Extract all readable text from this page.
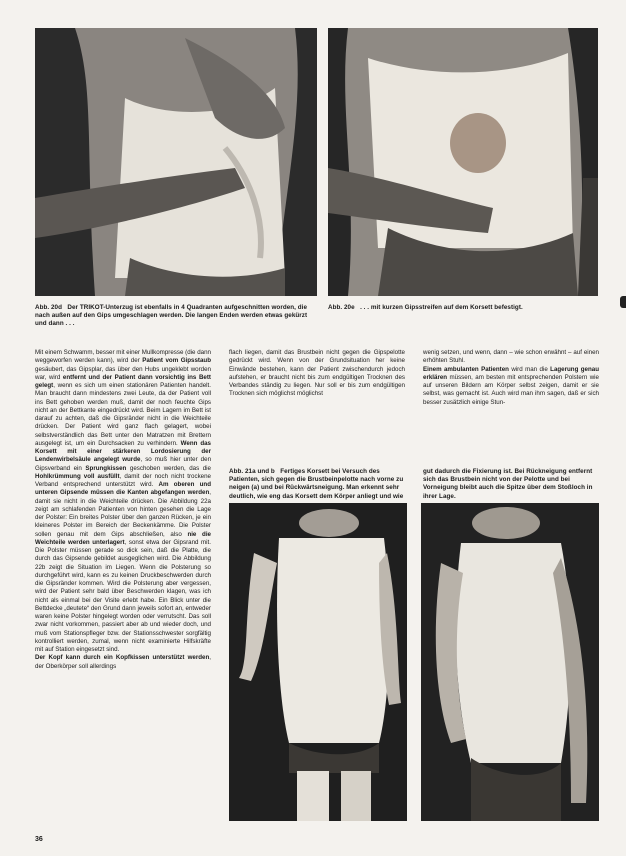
Abb. 20d Der TRIKOT-Unterzug ist ebenfalls in 4 Quadranten aufgeschnitten worden, die nach außen auf den Gips umgeschlagen werden. Die langen Enden werden etwas gekürzt und dann . . .
Abb. 20e . . . mit kurzen Gipsstreifen auf dem Korsett befestigt.

Mit einem Schwamm, besser mit einer Mullkompresse (die dann weggeworfen werden kann), wird der Patient vom Gipsstaub gesäubert, das Gipsplar, das über den Hubs ungeklebt worden war, wird entfernt und der Patient dann vorsichtig ins Bett gelegt, wenn es sich um einen stationären Patienten handelt. Man braucht dann mindestens zwei Leute, da der Patient voll ins Bett gehoben werden muß, damit der noch feuchte Gips nicht an der Bettkante eingedrückt wird. Beim Lagern im Bett ist darauf zu achten, daß die Gipsränder nicht in die Weichteile drücken. Der Patient wird ganz flach gelagert, wobei selbstverständlich das Bett unter den Matratzen mit Brettern ausgelegt ist, um ein Durchsacken zu verhindern. Wenn das Korsett mit einer stärkeren Lordosierung der Lendenwirbelsäule angelegt wurde, so muß hier unter den Gipsverband ein Sprungkissen geschoben werden, das die Hohlkrümmung voll ausfüllt, damit der noch nicht trockene Verband entsprechend unterstützt wird. Am oberen und unteren Gipsende müssen die Kanten abgefangen werden, damit sie nicht in die Weichteile drücken. Die Abbildung 22a zeigt am schlafenden Patienten von hinten gesehen die Lage der Polster: Ein breites Polster über den ganzen Rücken, je ein kleineres Polster im Bereich der Beckenkämme. Die Polster sollen genau mit dem Gips abschließen, also nie die Weichteile werden unterlagert, sonst etwa der Gipsrand mit. Die Polster müssen gerade so dick sein, daß die Platte, die durch das Gipsende gebildet ausgeglichen wird. Die Abbildung 22b zeigt die Situation im Liegen. Wenn die Polsterung so durchgeführt wird, kann es zu keinen Druckbeschwerden durch die Gipsränder kommen. Wird die Polsterung aber vergessen, wird der Patient sehr bald über Beschwerden klagen, was ich nicht als einmal bei der Visite erlebt habe. Ein Blick unter die Bettdecke „deutete“ den Grund dann jeweils sofort an, entweder waren keine Polster hingelegt worden oder verrutscht. Das soll zwar nicht vorkommen, passiert aber ab und wieder doch, und muß vom Stationspfleger bzw. der Stationsschwester sorgfältig kontrolliert werden, zumal, wenn nicht examinierte Hilfskräfte mit auf Station eingesetzt sind.
Der Kopf kann durch ein Kopfkissen unterstützt werden, der Oberkörper soll allerdings

flach liegen, damit das Brustbein nicht gegen die Gipspelotte gedrückt wird. Wenn von der Grundsituation her keine Einwände bestehen, kann der Patient zwischendurch jedoch aufstehen, er braucht nicht bis zum endgültigen Trocknen des Verbandes ständig zu liegen. Nur soll er bis zum endgültigen Trocknen sich möglichst möglichst

wenig setzen, und wenn, dann – wie schon erwähnt – auf einen erhöhten Stuhl.
Einem ambulanten Patienten wird man die Lagerung genau erklären müssen, am besten mit entsprechenden Polstern wie auf unseren Bildern am Körper selbst zeigen, damit er sie selbst, was gemacht ist. Auch wird man ihm sagen, daß er sich besser zusätzlich einige Stun-

Abb. 21a und b Fertiges Korsett bei Versuch des Patienten, sich gegen die Brustbeinpelotte nach vorne zu neigen (a) und bei Rückwärtsneigung. Man erkennt sehr deutlich, wie eng das Korsett dem Körper anliegt und wie gut dadurch die Fixierung ist. Bei Rückneigung entfernt sich das Brustbein nicht von der Pelotte und bei Vorneigung bleibt auch die Spitze über dem Stoßloch in ihrer Lage.
36
